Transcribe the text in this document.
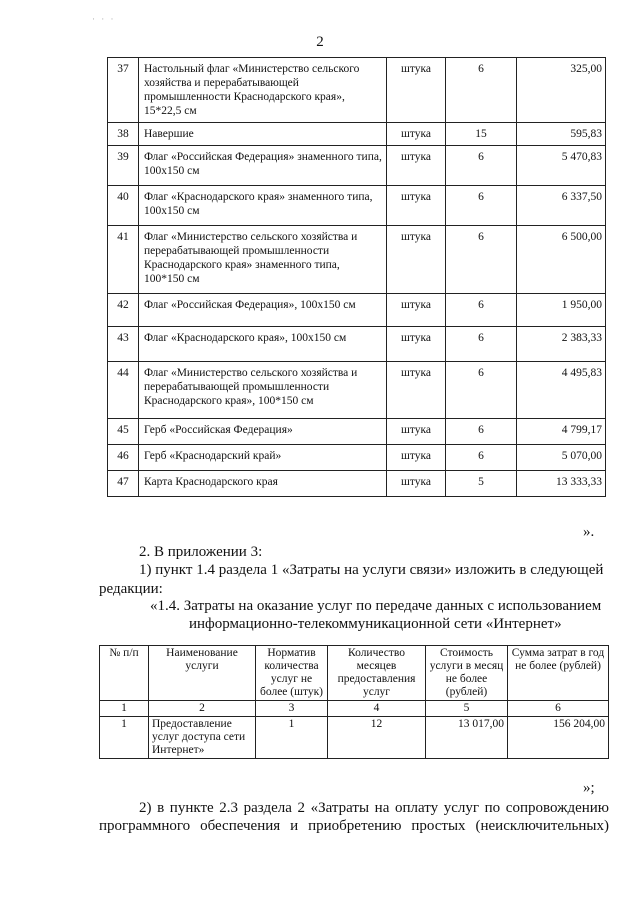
· · ·
2
37	Настольный флаг «Министерство сельского хозяйства и перерабатывающей промышленности Краснодарского края», 15*22,5 см	штука	6	325,00
38	Навершие	штука	15	595,83
39	Флаг «Российская Федерация» знаменного типа, 100х150 см	штука	6	5 470,83
40	Флаг «Краснодарского края» знаменного типа, 100х150 см	штука	6	6 337,50
41	Флаг «Министерство сельского хозяйства и перерабатывающей промышленности Краснодарского края» знаменного типа, 100*150 см	штука	6	6 500,00
42	Флаг «Российская Федерация», 100х150 см	штука	6	1 950,00
43	Флаг «Краснодарского края», 100х150 см	штука	6	2 383,33
44	Флаг «Министерство сельского хозяйства и перерабатывающей промышленности Краснодарского края», 100*150 см	штука	6	4 495,83
45	Герб «Российская Федерация»	штука	6	4 799,17
46	Герб «Краснодарский край»	штука	6	5 070,00
47	Карта Краснодарского края	штука	5	13 333,33
».
2. В приложении 3:
1) пункт 1.4 раздела 1 «Затраты на услуги связи» изложить в следующей
редакции:
«1.4. Затраты на оказание услуг по передаче данных с использованием
информационно-телекоммуникационной сети «Интернет»
№ п/п	Наименование услуги	Норматив количества услуг не более (штук)	Количество месяцев предоставления услуг	Стоимость услуги в месяц не более (рублей)	Сумма затрат в год не более (рублей)
1	2	3	4	5	6
1	Предоставление услуг доступа сети Интернет»	1	12	13 017,00	156 204,00
»;
2) в пункте 2.3 раздела 2 «Затраты на оплату услуг по сопровождению
программного обеспечения и приобретению простых (неисключительных)
